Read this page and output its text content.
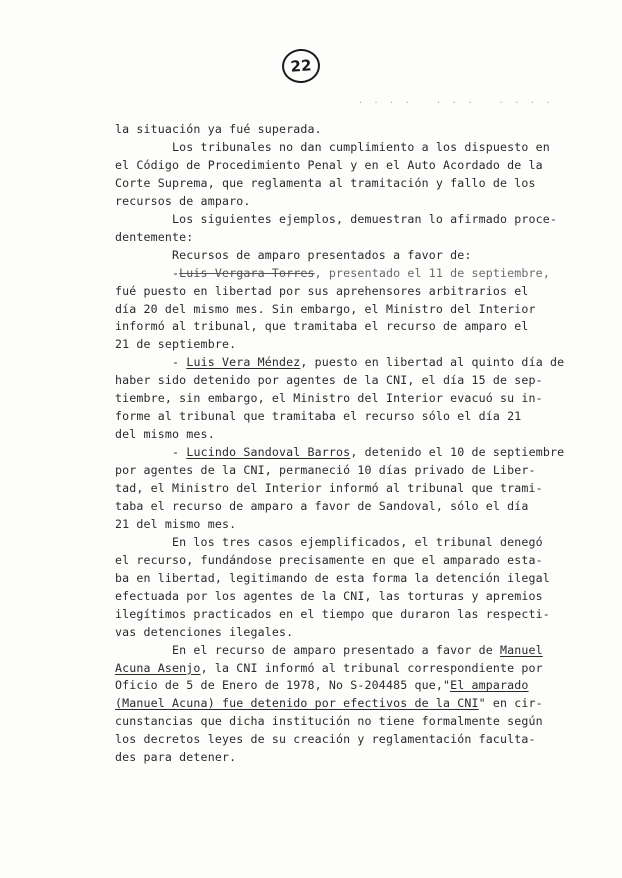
22
. . . .   . . .   . . . .
la situación ya fué superada.
Los tribunales no dan cumplimiento a los dispuesto en
el Código de Procedimiento Penal y en el Auto Acordado de la
Corte Suprema, que reglamenta al tramitación y fallo de los
recursos de amparo.
Los siguientes ejemplos, demuestran lo afirmado proce-
dentemente:
Recursos de amparo presentados a favor de:
-Luis Vergara Torres, presentado el 11 de septiembre,
fué puesto en libertad por sus aprehensores arbitrarios el
día 20 del mismo mes. Sin embargo, el Ministro del Interior
informó al tribunal, que tramitaba el recurso de amparo el
21 de septiembre.
- Luis Vera Méndez, puesto en libertad al quinto día de
haber sido detenido por agentes de la CNI, el día 15 de sep-
tiembre, sin embargo, el Ministro del Interior evacuó su in-
forme al tribunal que tramitaba el recurso sólo el día 21
del mismo mes.
- Lucindo Sandoval Barros, detenido el 10 de septiembre
por agentes de la CNI, permaneció 10 días privado de Liber-
tad, el Ministro del Interior informó al tribunal que trami-
taba el recurso de amparo a favor de Sandoval, sólo el día
21 del mismo mes.
En los tres casos ejemplificados, el tribunal denegó
el recurso, fundándose precisamente en que el amparado esta-
ba en libertad, legitimando de esta forma la detención ilegal
efectuada por los agentes de la CNI, las torturas y apremios
ilegítimos practicados en el tiempo que duraron las respecti-
vas detenciones ilegales.
En el recurso de amparo presentado a favor de Manuel
Acuna Asenjo, la CNI informó al tribunal correspondiente por
Oficio de 5 de Enero de 1978, No S-204485 que,"El amparado
(Manuel Acuna) fue detenido por efectivos de la CNI" en cir-
cunstancias que dicha institución no tiene formalmente según
los decretos leyes de su creación y reglamentación faculta-
des para detener.
